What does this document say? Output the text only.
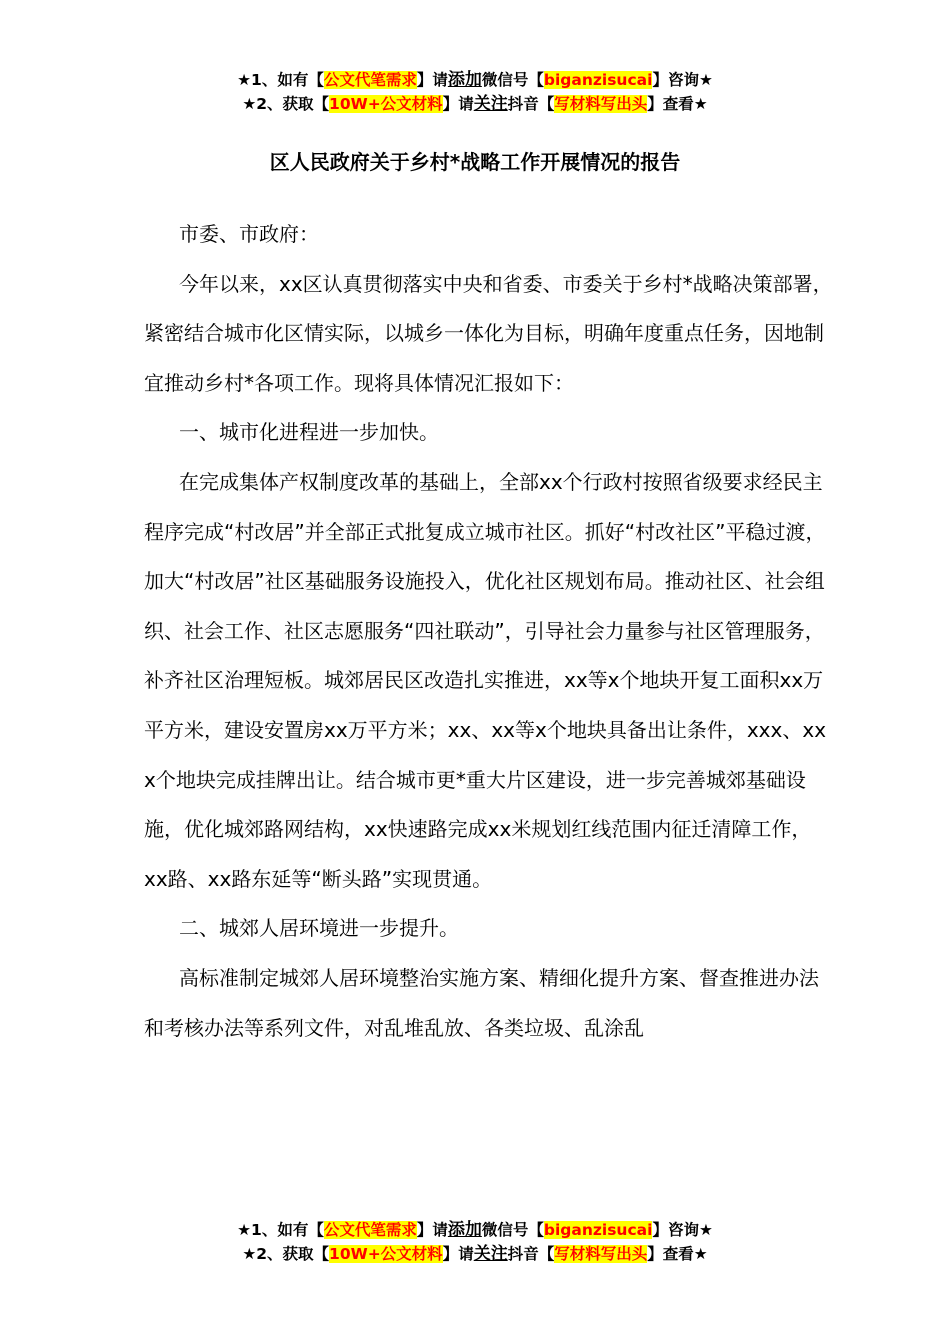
★1、如有【公文代笔需求】请添加微信号【biganzisucai】咨询★
★2、获取【10W+公文材料】请关注抖音【写材料写出头】查看★
区人民政府关于乡村*战略工作开展情况的报告

市委、市政府：

今年以来，xx区认真贯彻落实中央和省委、市委关于乡村*战略决策部署，紧密结合城市化区情实际，以城乡一体化为目标，明确年度重点任务，因地制宜推动乡村*各项工作。现将具体情况汇报如下：

一、城市化进程进一步加快。

在完成集体产权制度改革的基础上，全部xx个行政村按照省级要求经民主程序完成“村改居”并全部正式批复成立城市社区。抓好“村改社区”平稳过渡，加大“村改居”社区基础服务设施投入，优化社区规划布局。推动社区、社会组织、社会工作、社区志愿服务“四社联动”，引导社会力量参与社区管理服务，补齐社区治理短板。城郊居民区改造扎实推进，xx等x个地块开复工面积xx万平方米，建设安置房xx万平方米；xx、xx等x个地块具备出让条件，xxx、xx x个地块完成挂牌出让。结合城市更*重大片区建设，进一步完善城郊基础设施，优化城郊路网结构，xx快速路完成xx米规划红线范围内征迁清障工作，xx路、xx路东延等“断头路”实现贯通。

二、城郊人居环境进一步提升。

高标准制定城郊人居环境整治实施方案、精细化提升方案、督查推进办法和考核办法等系列文件，对乱堆乱放、各类垃圾、乱涂乱

★1、如有【公文代笔需求】请添加微信号【biganzisucai】咨询★
★2、获取【10W+公文材料】请关注抖音【写材料写出头】查看★
